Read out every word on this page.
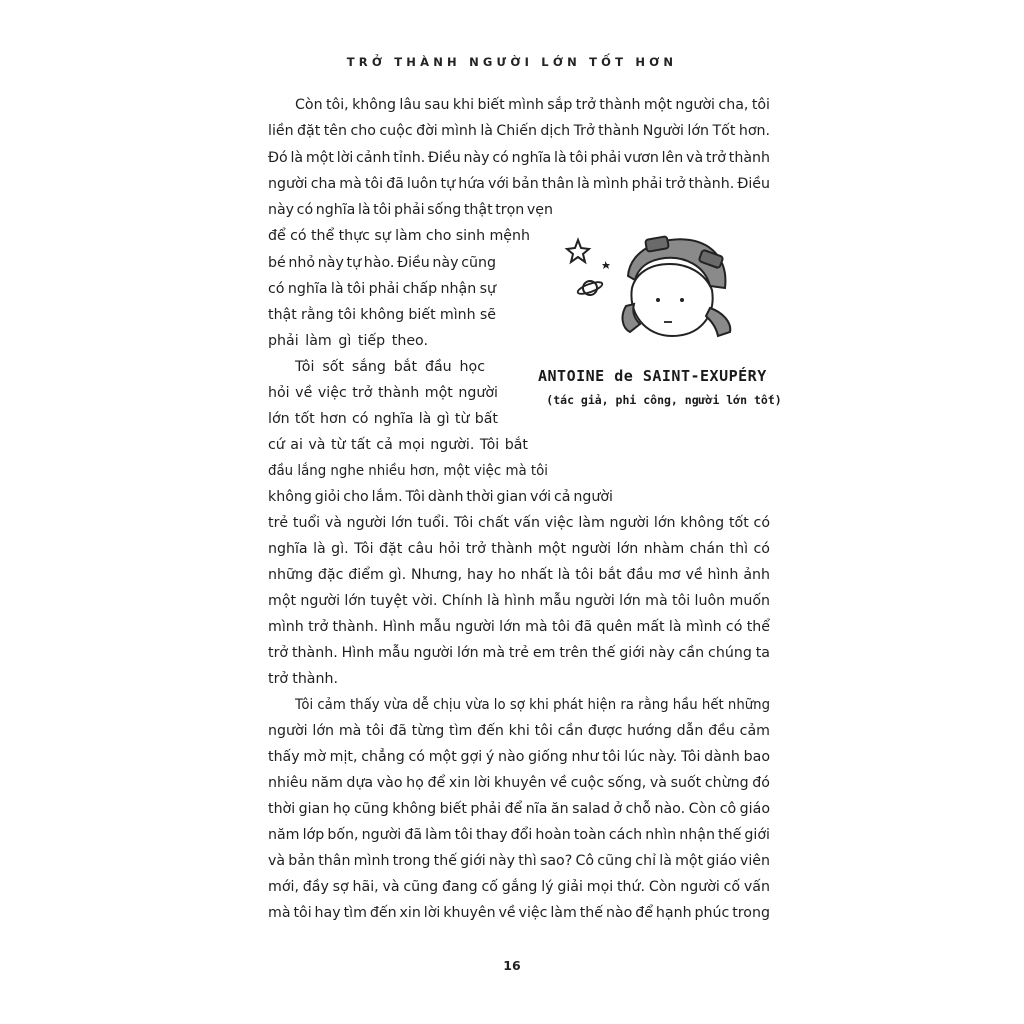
TRỞ THÀNH NGƯỜI LỚN TỐT HƠN
Còn tôi, không lâu sau khi biết mình sắp trở thành một người cha, tôi
liền đặt tên cho cuộc đời mình là Chiến dịch Trở thành Người lớn Tốt hơn.
Đó là một lời cảnh tỉnh. Điều này có nghĩa là tôi phải vươn lên và trở thành
người cha mà tôi đã luôn tự hứa với bản thân là mình phải trở thành. Điều
này có nghĩa là tôi phải sống thật trọn vẹn
để có thể thực sự làm cho sinh mệnh
bé nhỏ này tự hào. Điều này cũng
có nghĩa là tôi phải chấp nhận sự
thật rằng tôi không biết mình sẽ
phải làm gì tiếp theo.
Tôi sốt sắng bắt đầu học
hỏi về việc trở thành một người
lớn tốt hơn có nghĩa là gì từ bất
cứ ai và từ tất cả mọi người. Tôi bắt
đầu lắng nghe nhiều hơn, một việc mà tôi
không giỏi cho lắm. Tôi dành thời gian với cả người
trẻ tuổi và người lớn tuổi. Tôi chất vấn việc làm người lớn không tốt có
nghĩa là gì. Tôi đặt câu hỏi trở thành một người lớn nhàm chán thì có
những đặc điểm gì. Nhưng, hay ho nhất là tôi bắt đầu mơ về hình ảnh
một người lớn tuyệt vời. Chính là hình mẫu người lớn mà tôi luôn muốn
mình trở thành. Hình mẫu người lớn mà tôi đã quên mất là mình có thể
trở thành. Hình mẫu người lớn mà trẻ em trên thế giới này cần chúng ta
trở thành.
Tôi cảm thấy vừa dễ chịu vừa lo sợ khi phát hiện ra rằng hầu hết những
người lớn mà tôi đã từng tìm đến khi tôi cần được hướng dẫn đều cảm
thấy mờ mịt, chẳng có một gợi ý nào giống như tôi lúc này. Tôi dành bao
nhiêu năm dựa vào họ để xin lời khuyên về cuộc sống, và suốt chừng đó
thời gian họ cũng không biết phải để nĩa ăn salad ở chỗ nào. Còn cô giáo
năm lớp bốn, người đã làm tôi thay đổi hoàn toàn cách nhìn nhận thế giới
và bản thân mình trong thế giới này thì sao? Cô cũng chỉ là một giáo viên
mới, đầy sợ hãi, và cũng đang cố gắng lý giải mọi thứ. Còn người cố vấn
mà tôi hay tìm đến xin lời khuyên về việc làm thế nào để hạnh phúc trong
ANTOINE de SAINT-EXUPÉRY
(tác giả, phi công, người lớn tốt)
16
